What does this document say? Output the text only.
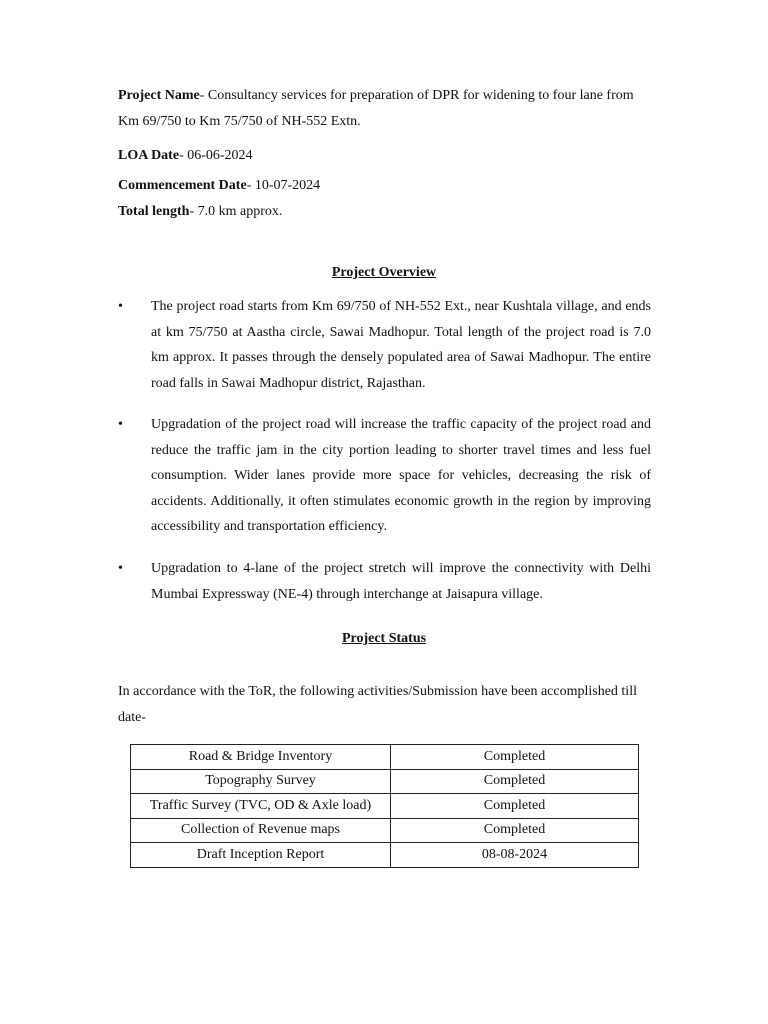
Project Name- Consultancy services for preparation of DPR for widening to four lane from Km 69/750 to Km 75/750 of NH-552 Extn.
LOA Date- 06-06-2024
Commencement Date- 10-07-2024
Total length- 7.0 km approx.
Project Overview
•	The project road starts from Km 69/750 of NH-552 Ext., near Kushtala village, and ends at km 75/750 at Aastha circle, Sawai Madhopur. Total length of the project road is 7.0 km approx. It passes through the densely populated area of Sawai Madhopur. The entire road falls in Sawai Madhopur district, Rajasthan.
•	Upgradation of the project road will increase the traffic capacity of the project road and reduce the traffic jam in the city portion leading to shorter travel times and less fuel consumption. Wider lanes provide more space for vehicles, decreasing the risk of accidents. Additionally, it often stimulates economic growth in the region by improving accessibility and transportation efficiency.
•	Upgradation to 4-lane of the project stretch will improve the connectivity with Delhi Mumbai Expressway (NE-4) through interchange at Jaisapura village.
Project Status
In accordance with the ToR, the following activities/Submission have been accomplished till date-
Road & Bridge Inventory	Completed
Topography Survey	Completed
Traffic Survey (TVC, OD & Axle load)	Completed
Collection of Revenue maps	Completed
Draft Inception Report	08-08-2024
